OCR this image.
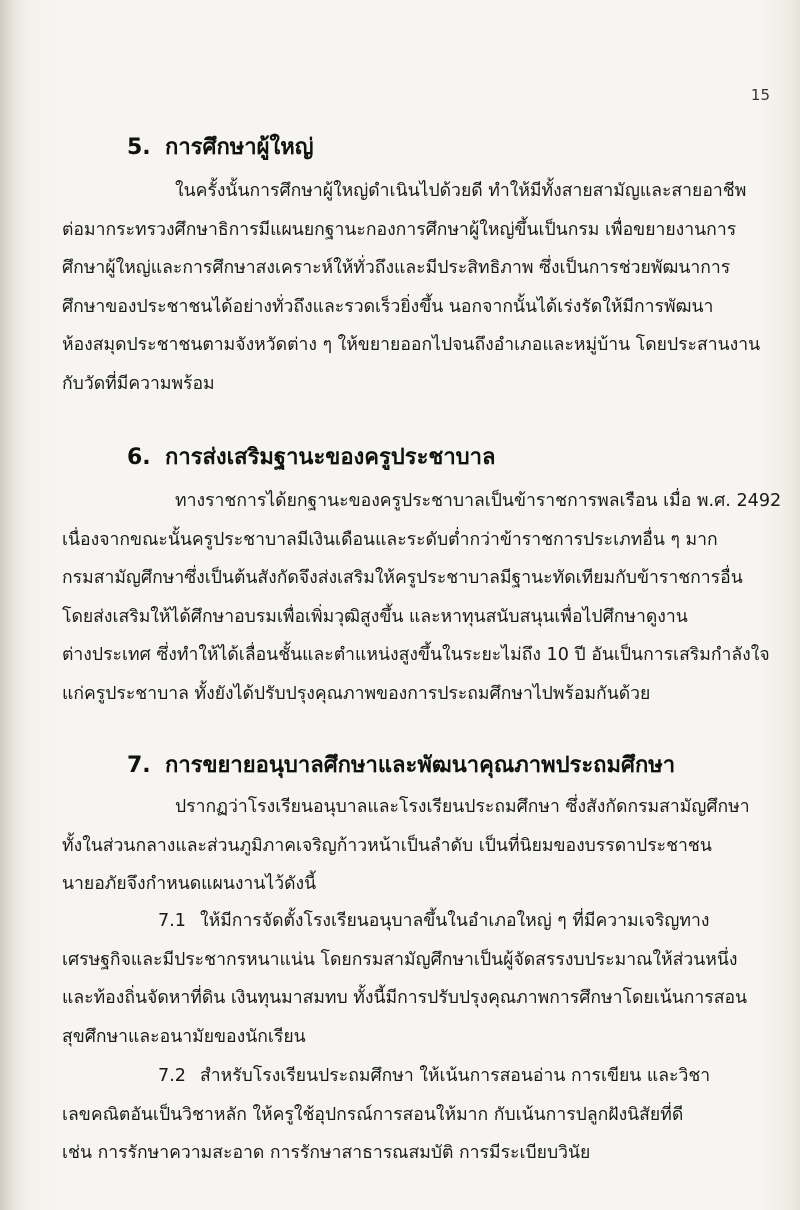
15
5. การศึกษาผู้ใหญ่
ในครั้งนั้นการศึกษาผู้ใหญ่ดำเนินไปด้วยดี ทำให้มีทั้งสายสามัญและสายอาชีพ
ต่อมากระทรวงศึกษาธิการมีแผนยกฐานะกองการศึกษาผู้ใหญ่ขึ้นเป็นกรม เพื่อขยายงานการ
ศึกษาผู้ใหญ่และการศึกษาสงเคราะห์ให้ทั่วถึงและมีประสิทธิภาพ ซึ่งเป็นการช่วยพัฒนาการ
ศึกษาของประชาชนได้อย่างทั่วถึงและรวดเร็วยิ่งขึ้น นอกจากนั้นได้เร่งรัดให้มีการพัฒนา
ห้องสมุดประชาชนตามจังหวัดต่าง ๆ ให้ขยายออกไปจนถึงอำเภอและหมู่บ้าน โดยประสานงาน
กับวัดที่มีความพร้อม
6. การส่งเสริมฐานะของครูประชาบาล
ทางราชการได้ยกฐานะของครูประชาบาลเป็นข้าราชการพลเรือน เมื่อ พ.ศ. 2492
เนื่องจากขณะนั้นครูประชาบาลมีเงินเดือนและระดับต่ำกว่าข้าราชการประเภทอื่น ๆ มาก
กรมสามัญศึกษาซึ่งเป็นต้นสังกัดจึงส่งเสริมให้ครูประชาบาลมีฐานะทัดเทียมกับข้าราชการอื่น
โดยส่งเสริมให้ได้ศึกษาอบรมเพื่อเพิ่มวุฒิสูงขึ้น และหาทุนสนับสนุนเพื่อไปศึกษาดูงาน
ต่างประเทศ ซึ่งทำให้ได้เลื่อนชั้นและตำแหน่งสูงขึ้นในระยะไม่ถึง 10 ปี อันเป็นการเสริมกำลังใจ
แก่ครูประชาบาล ทั้งยังได้ปรับปรุงคุณภาพของการประถมศึกษาไปพร้อมกันด้วย
7. การขยายอนุบาลศึกษาและพัฒนาคุณภาพประถมศึกษา
ปรากฏว่าโรงเรียนอนุบาลและโรงเรียนประถมศึกษา ซึ่งสังกัดกรมสามัญศึกษา
ทั้งในส่วนกลางและส่วนภูมิภาคเจริญก้าวหน้าเป็นลำดับ เป็นที่นิยมของบรรดาประชาชน
นายอภัยจึงกำหนดแผนงานไว้ดังนี้
7.1 ให้มีการจัดตั้งโรงเรียนอนุบาลขึ้นในอำเภอใหญ่ ๆ ที่มีความเจริญทาง
เศรษฐกิจและมีประชากรหนาแน่น โดยกรมสามัญศึกษาเป็นผู้จัดสรรงบประมาณให้ส่วนหนึ่ง
และท้องถิ่นจัดหาที่ดิน เงินทุนมาสมทบ ทั้งนี้มีการปรับปรุงคุณภาพการศึกษาโดยเน้นการสอน
สุขศึกษาและอนามัยของนักเรียน
7.2 สำหรับโรงเรียนประถมศึกษา ให้เน้นการสอนอ่าน การเขียน และวิชา
เลขคณิตอันเป็นวิชาหลัก ให้ครูใช้อุปกรณ์การสอนให้มาก กับเน้นการปลูกฝังนิสัยที่ดี
เช่น การรักษาความสะอาด การรักษาสาธารณสมบัติ การมีระเบียบวินัย
